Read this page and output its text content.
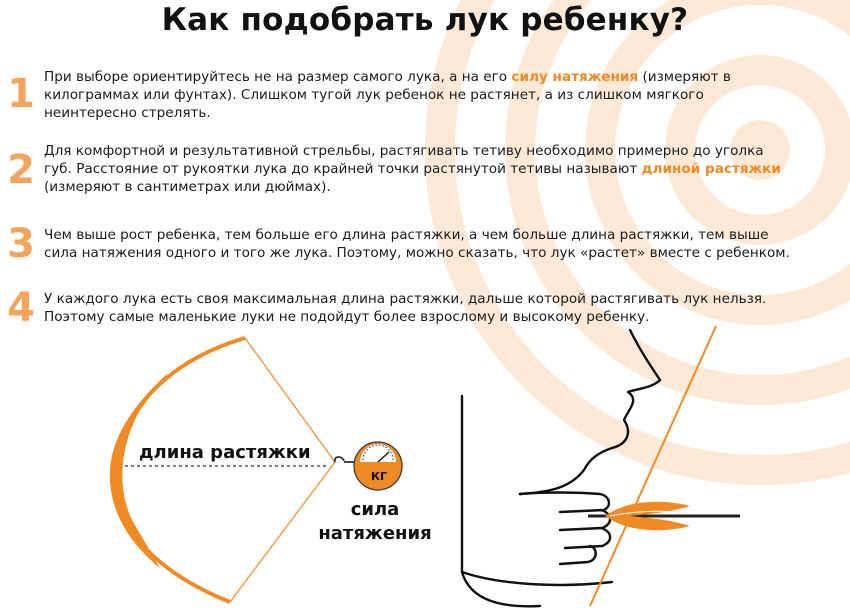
Как подобрать лук ребенку?
1 При выборе ориентируйтесь не на размер самого лука, а на его силу натяжения (измеряют в
килограммах или фунтах). Слишком тугой лук ребенок не растянет, а из слишком мягкого
неинтересно стрелять.
2 Для комфортной и результативной стрельбы, растягивать тетиву необходимо примерно до уголка
губ. Расстояние от рукоятки лука до крайней точки растянутой тетивы называют длиной растяжки
(измеряют в сантиметрах или дюймах).
3 Чем выше рост ребенка, тем больше его длина растяжки, а чем больше длина растяжки, тем выше
сила натяжения одного и того же лука. Поэтому, можно сказать, что лук «растет» вместе с ребенком.
4 У каждого лука есть своя максимальная длина растяжки, дальше которой растягивать лук нельзя.
Поэтому самые маленькие луки не подойдут более взрослому и высокому ребенку.
длина растяжки
КГ
сила
натяжения
